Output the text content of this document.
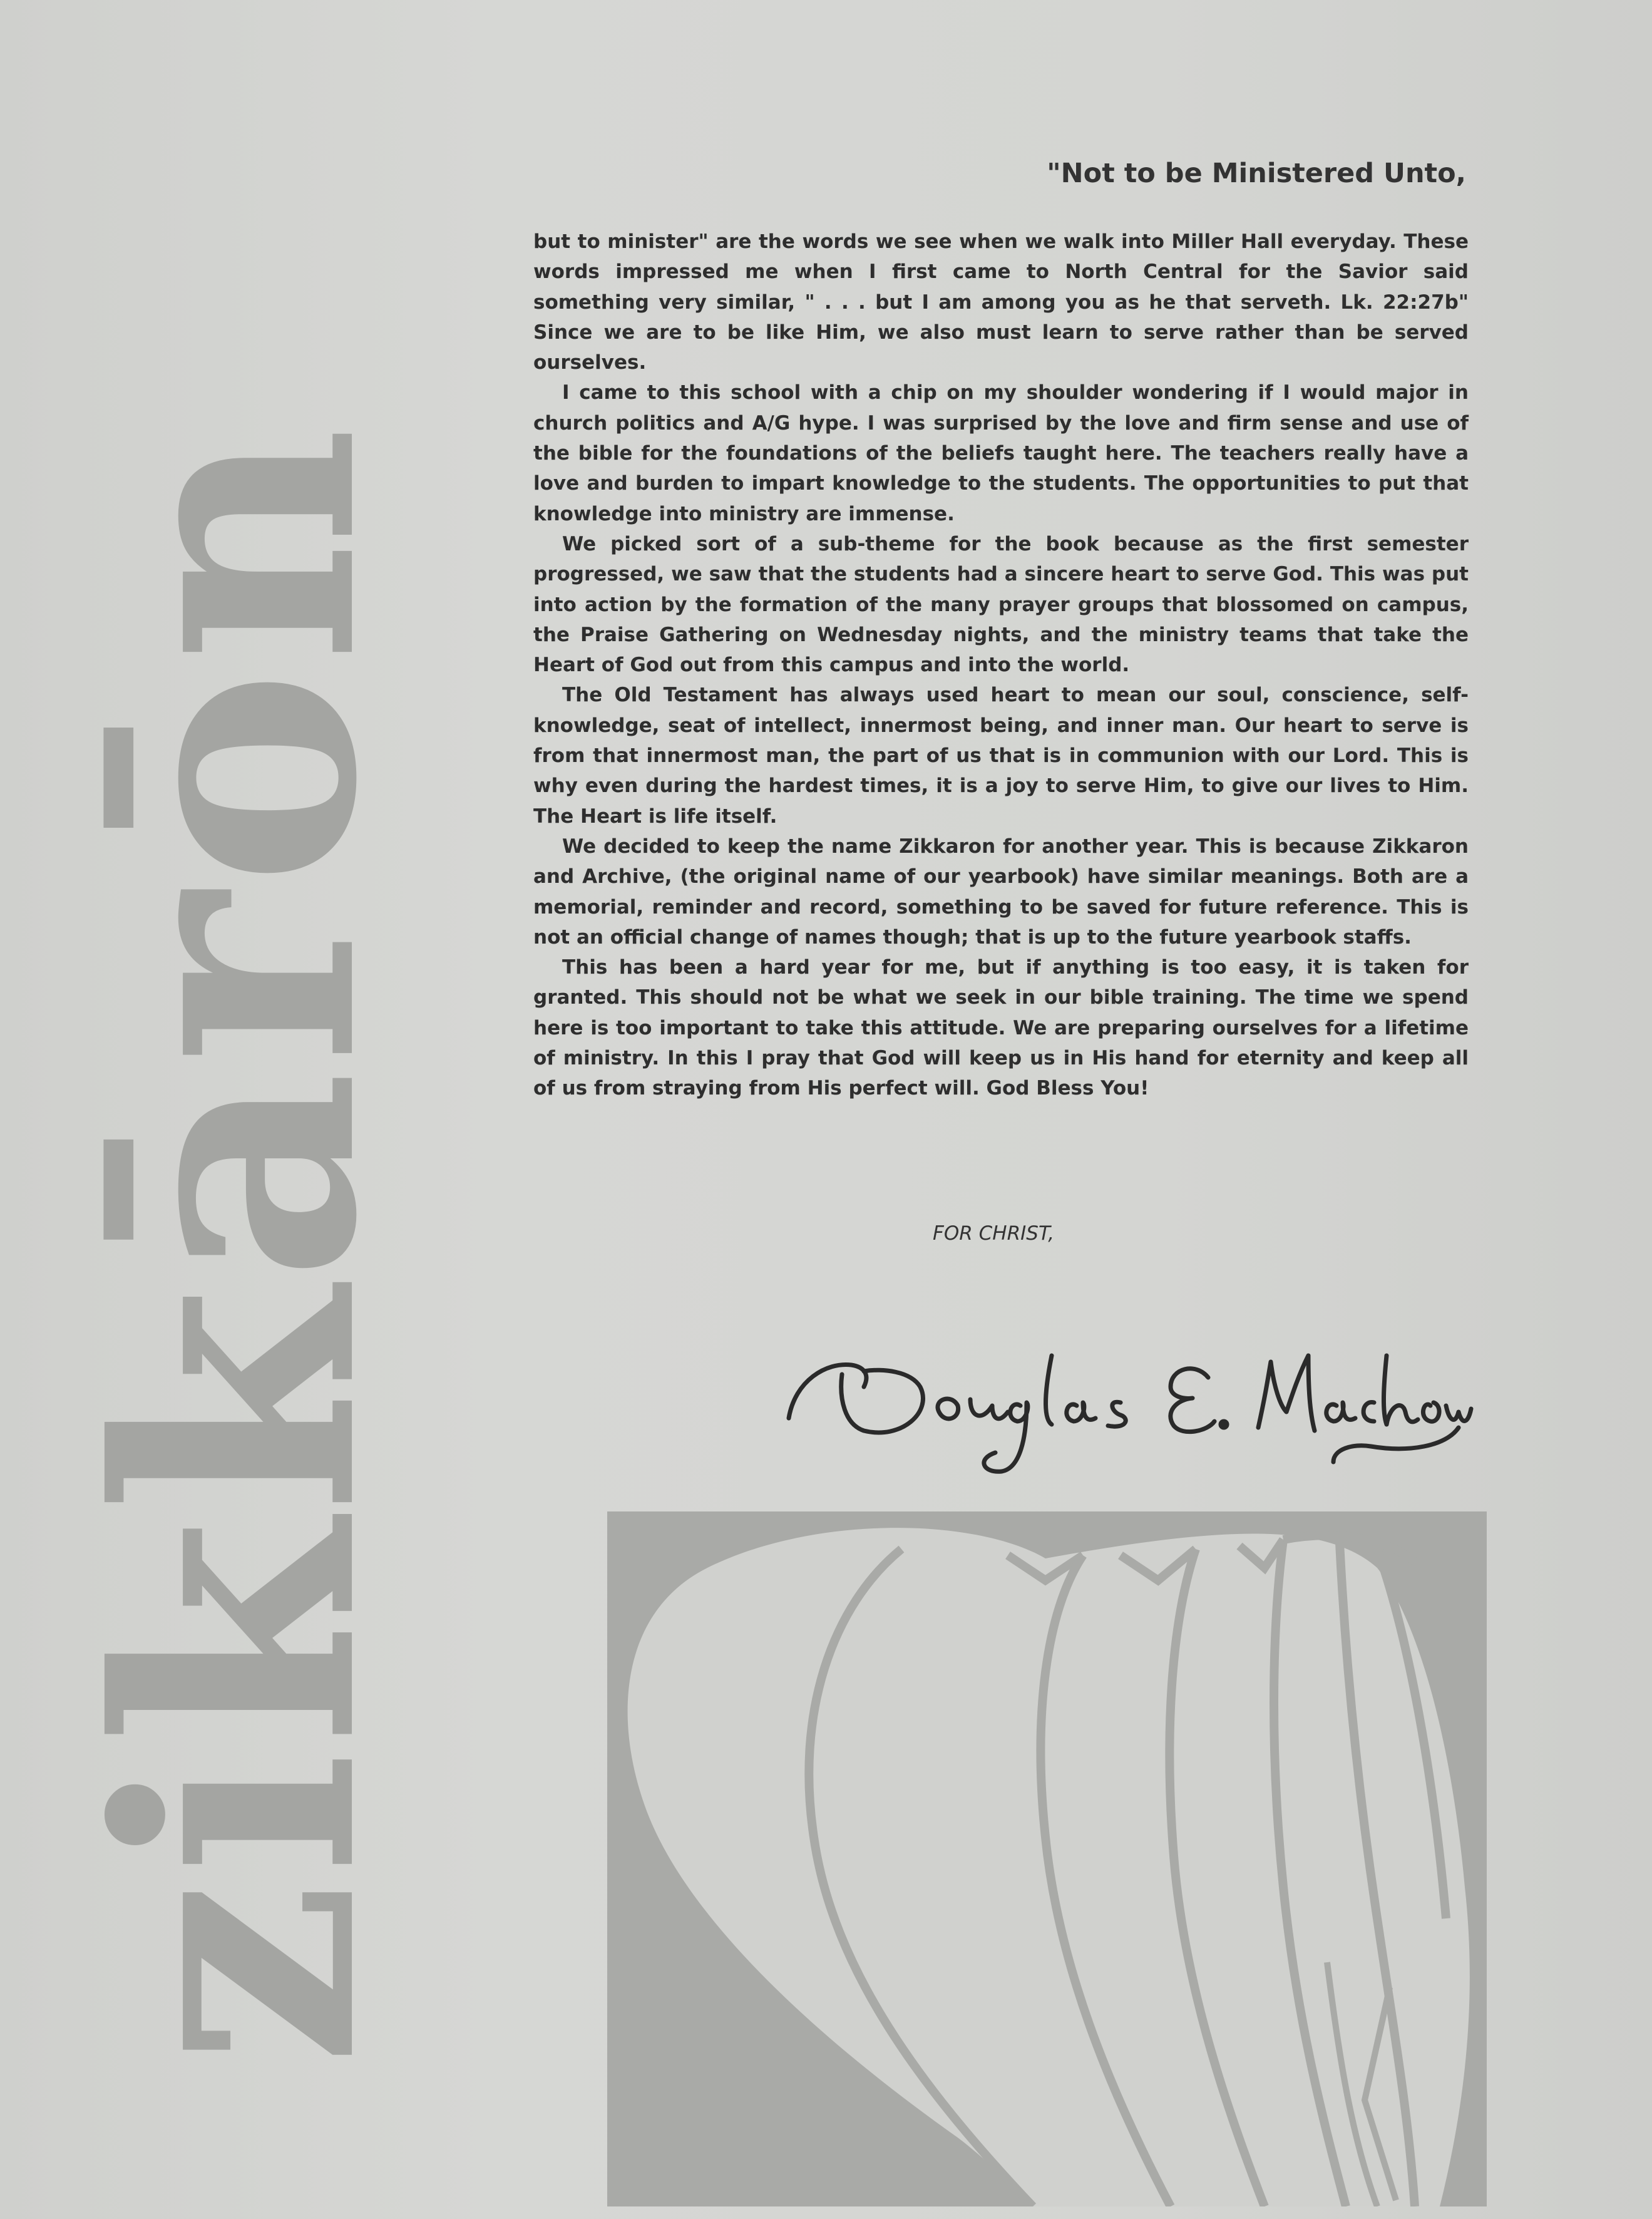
zikkārōn
"Not to be Ministered Unto,

but to minister" are the words we see when we walk into Miller Hall everyday. These words impressed me when I first came to North Central for the Savior said something very similar, " . . . but I am among you as he that serveth. Lk. 22:27b" Since we are to be like Him, we also must learn to serve rather than be served ourselves.

I came to this school with a chip on my shoulder wondering if I would major in church politics and A/G hype. I was surprised by the love and firm sense and use of the bible for the foundations of the beliefs taught here. The teachers really have a love and burden to impart knowledge to the students. The opportunities to put that knowledge into ministry are immense.

We picked sort of a sub-theme for the book because as the first semester progressed, we saw that the students had a sincere heart to serve God. This was put into action by the formation of the many prayer groups that blossomed on campus, the Praise Gathering on Wednesday nights, and the ministry teams that take the Heart of God out from this campus and into the world.

The Old Testament has always used heart to mean our soul, conscience, self-knowledge, seat of intellect, innermost being, and inner man. Our heart to serve is from that innermost man, the part of us that is in communion with our Lord. This is why even during the hardest times, it is a joy to serve Him, to give our lives to Him. The Heart is life itself.

We decided to keep the name Zikkaron for another year. This is because Zikkaron and Archive, (the original name of our yearbook) have similar meanings. Both are a memorial, reminder and record, something to be saved for future reference. This is not an official change of names though; that is up to the future yearbook staffs.

This has been a hard year for me, but if anything is too easy, it is taken for granted. This should not be what we seek in our bible training. The time we spend here is too important to take this attitude. We are preparing ourselves for a lifetime of ministry. In this I pray that God will keep us in His hand for eternity and keep all of us from straying from His perfect will. God Bless You!

FOR CHRIST,
